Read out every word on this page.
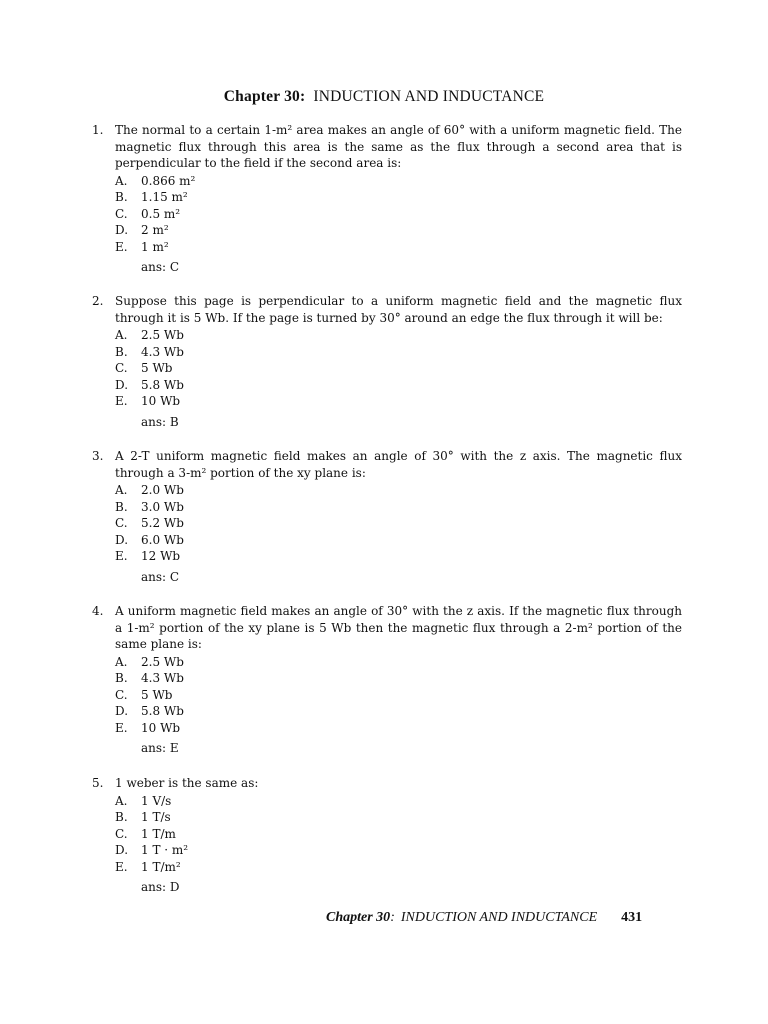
Chapter 30: INDUCTION AND INDUCTANCE
1. The normal to a certain 1-m² area makes an angle of 60° with a uniform magnetic field. The magnetic flux through this area is the same as the flux through a second area that is perpendicular to the field if the second area is:
A.	0.866 m²
B.	1.15 m²
C.	0.5 m²
D.	2 m²
E.	1 m²
ans: C
2. Suppose this page is perpendicular to a uniform magnetic field and the magnetic flux through it is 5 Wb. If the page is turned by 30° around an edge the flux through it will be:
A.	2.5 Wb
B.	4.3 Wb
C.	5 Wb
D.	5.8 Wb
E.	10 Wb
ans: B
3. A 2-T uniform magnetic field makes an angle of 30° with the z axis. The magnetic flux through a 3-m² portion of the xy plane is:
A.	2.0 Wb
B.	3.0 Wb
C.	5.2 Wb
D.	6.0 Wb
E.	12 Wb
ans: C
4. A uniform magnetic field makes an angle of 30° with the z axis. If the magnetic flux through a 1-m² portion of the xy plane is 5 Wb then the magnetic flux through a 2-m² portion of the same plane is:
A.	2.5 Wb
B.	4.3 Wb
C.	5 Wb
D.	5.8 Wb
E.	10 Wb
ans: E
5. 1 weber is the same as:
A.	1 V/s
B.	1 T/s
C.	1 T/m
D.	1 T · m²
E.	1 T/m²
ans: D
Chapter 30: INDUCTION AND INDUCTANCE 431
